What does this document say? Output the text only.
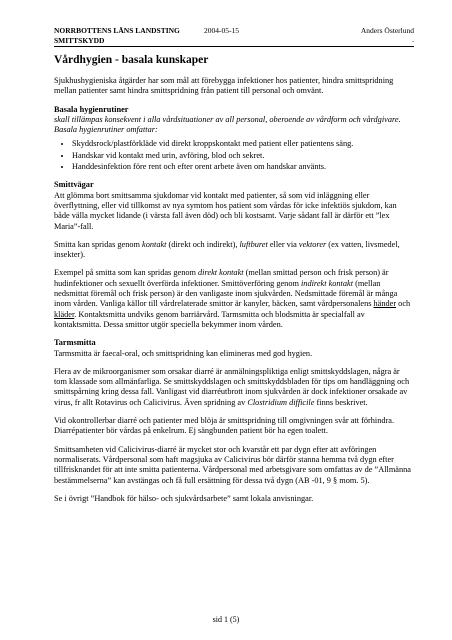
NORRBOTTENS LÄNS LANDSTING
SMITTSKYDD
2004-05-15	Anders Österlund
.
Vårdhygien - basala kunskaper

Sjukhushygieniska åtgärder har som mål att förebygga infektioner hos patienter, hindra smittspridning mellan patienter samt hindra smittspridning från patient till personal och omvänt.

Basala hygienrutiner

skall tillämpas konsekvent i alla vårdsituationer av all personal, oberoende av vårdform och vårdgivare. Basala hygienrutiner omfattar:

• Skyddsrock/plastförkläde vid direkt kroppskontakt med patient eller patientens säng.
• Handskar vid kontakt med urin, avföring, blod och sekret.
• Handdesinfektion före rent och efter orent arbete även om handskar använts.

Smittvägar

Att glömma bort smittsamma sjukdomar vid kontakt med patienter, så som vid inläggning eller överflyttning, eller vid tillkomst av nya symtom hos patient som vårdas för icke infektiös sjukdom, kan både välla mycket lidande (i värsta fall även död) och bli kostsamt. Varje sådant fall är därför ett ”lex Maria”-fall.

Smitta kan spridas genom kontakt (direkt och indirekt), luftburet eller via vektorer (ex vatten, livsmedel, insekter).

Exempel på smitta som kan spridas genom direkt kontakt (mellan smittad person och frisk person) är hudinfektioner och sexuellt överförda infektioner. Smittöverföring genom indirekt kontakt (mellan nedsmittat föremål och frisk person) är den vanligaste inom sjukvården. Nedsmittade föremål är många inom vården. Vanliga källor till vårdrelaterade smittor är kanyler, bäcken, samt vårdpersonalens händer och kläder. Kontaktsmitta undviks genom barriärvård. Tarmsmitta och blodsmitta är specialfall av kontaktsmitta. Dessa smittor utgör speciella bekymmer inom vården.

Tarmsmitta

Tarmsmitta är faecal-oral, och smittspridning kan elimineras med god hygien.

Flera av de mikroorganismer som orsakar diarré är anmälningspliktiga enligt smittskyddslagen, några är tom klassade som allmänfarliga. Se smittskyddslagen och smittskyddsbladen för tips om handläggning och smittspårning kring dessa fall. Vanligast vid diarréutbrott inom sjukvården är dock infektioner orsakade av virus, fr allt Rotavirus och Calicivirus. Även spridning av Clostridium difficile finns beskrivet.

Vid okontrollerbar diarré och patienter med blöja är smittspridning till omgivningen svår att förhindra. Diarrépatienter bör vårdas på enkelrum. Ej sängbunden patient bör ha egen toalett.

Smittsamheten vid Calicivirus-diarré är mycket stor och kvarstår ett par dygn efter att avföringen normaliserats. Vårdpersonal som haft magsjuka av Calicivirus bör därför stanna hemma två dygn efter tillfrisknandet för att inte smitta patienterna. Vårdpersonal med arbetsgivare som omfattas av de ”Allmänna bestämmelserna” kan avstängas och få full ersättning för dessa två dygn (AB -01, 9 § mom. 5).

Se i övrigt ”Handbok för hälso- och sjukvårdsarbete” samt lokala anvisningar.

sid 1 (5)
